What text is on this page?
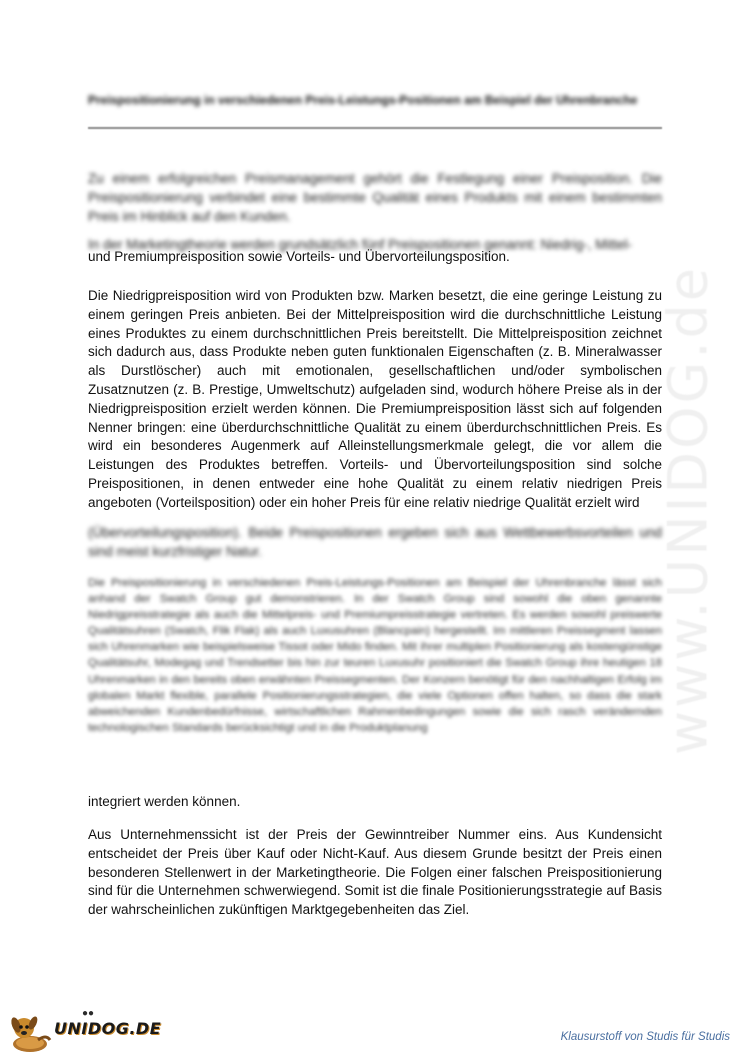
Preispositionierung in verschiedenen Preis-Leistungs-Positionen am Beispiel der Uhrenbranche
Zu einem erfolgreichen Preismanagement gehört die Festlegung einer Preisposition. Die Preispositionierung verbindet eine bestimmte Qualität eines Produkts mit einem bestimmten Preis im Hinblick auf den Kunden.
In der Marketingtheorie werden grundsätzlich fünf Preispositionen genannt: Niedrig-, Mittel-
und Premiumpreisposition sowie Vorteils- und Übervorteilungsposition.
Die Niedrigpreisposition wird von Produkten bzw. Marken besetzt, die eine geringe Leistung zu einem geringen Preis anbieten. Bei der Mittelpreisposition wird die durchschnittliche Leistung eines Produktes zu einem durchschnittlichen Preis bereitstellt. Die Mittelpreisposition zeichnet sich dadurch aus, dass Produkte neben guten funktionalen Eigenschaften (z. B. Mineralwasser als Durstlöscher) auch mit emotionalen, gesellschaftlichen und/oder symbolischen Zusatznutzen (z. B. Prestige, Umweltschutz) aufgeladen sind, wodurch höhere Preise als in der Niedrigpreisposition erzielt werden können. Die Premiumpreisposition lässt sich auf folgenden Nenner bringen: eine überdurchschnittliche Qualität zu einem überdurchschnittlichen Preis. Es wird ein besonderes Augenmerk auf Alleinstellungsmerkmale gelegt, die vor allem die Leistungen des Produktes betreffen. Vorteils- und Übervorteilungsposition sind solche Preispositionen, in denen entweder eine hohe Qualität zu einem relativ niedrigen Preis angeboten (Vorteilsposition) oder ein hoher Preis für eine relativ niedrige Qualität erzielt wird
(Übervorteilungsposition). Beide Preispositionen ergeben sich aus Wettbewerbsvorteilen und sind meist kurzfristiger Natur.
Die Preispositionierung in verschiedenen Preis-Leistungs-Positionen am Beispiel der Uhrenbranche lässt sich anhand der Swatch Group gut demonstrieren. In der Swatch Group sind sowohl die oben genannte Niedrigpreisstrategie als auch die Mittelpreis- und Premiumpreisstrategie vertreten. Es werden sowohl preiswerte Qualitätsuhren (Swatch, Flik Flak) als auch Luxusuhren (Blancpain) hergestellt. Im mittleren Preissegment lassen sich Uhrenmarken wie beispielsweise Tissot oder Mido finden. Mit ihrer multiplen Positionierung als kostengünstige Qualitätsuhr, Modegag und Trendsetter bis hin zur teuren Luxusuhr positioniert die Swatch Group ihre heutigen 18 Uhrenmarken in den bereits oben erwähnten Preissegmenten. Der Konzern benötigt für den nachhaltigen Erfolg im globalen Markt flexible, parallele Positionierungsstrategien, die viele Optionen offen halten, so dass die stark abweichenden Kundenbedürfnisse, wirtschaftlichen Rahmenbedingungen sowie die sich rasch verändernden technologischen Standards berücksichtigt und in die Produktplanung
integriert werden können.
Aus Unternehmenssicht ist der Preis der Gewinntreiber Nummer eins. Aus Kundensicht entscheidet der Preis über Kauf oder Nicht-Kauf. Aus diesem Grunde besitzt der Preis einen besonderen Stellenwert in der Marketingtheorie. Die Folgen einer falschen Preispositionierung sind für die Unternehmen schwerwiegend. Somit ist die finale Positionierungsstrategie auf Basis der wahrscheinlichen zukünftigen Marktgegebenheiten das Ziel.
www.UNIDOG.de
●●
UNIDOG.DE	Klausurstoff von Studis für Studis
